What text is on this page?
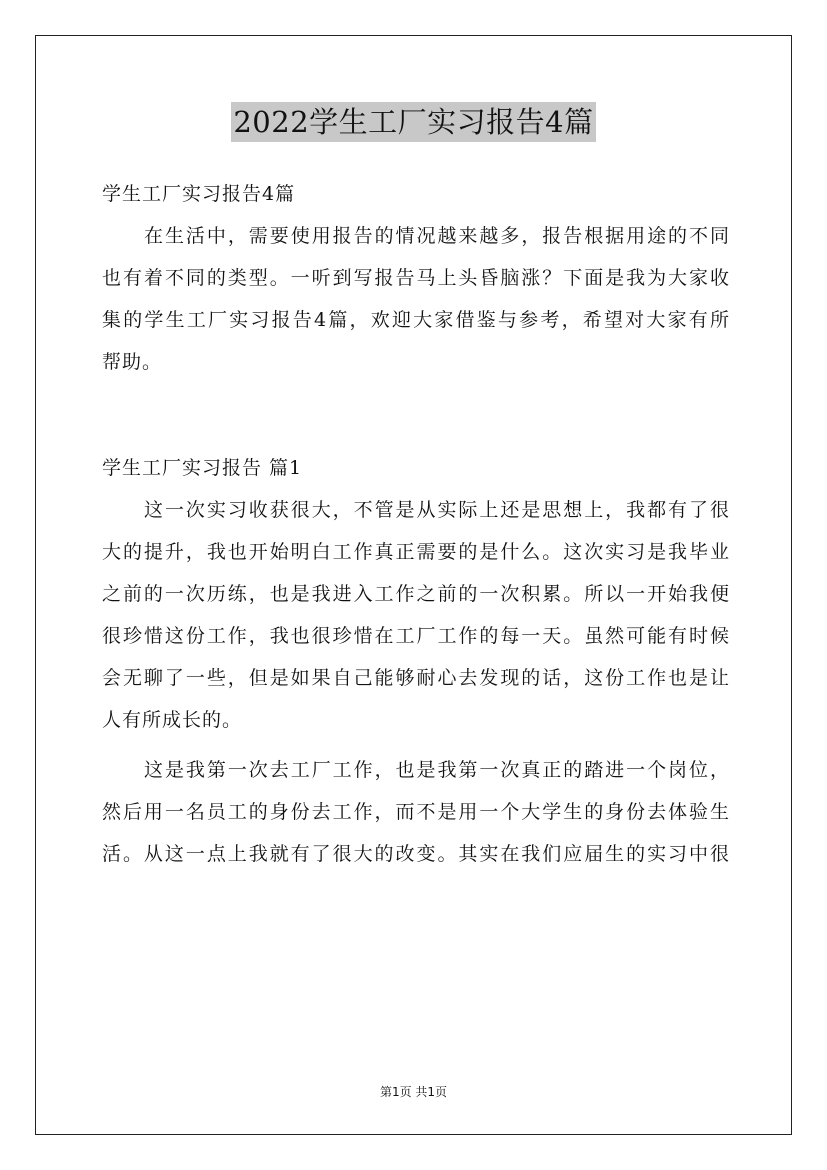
2022学生工厂实习报告4篇
学生工厂实习报告4篇
在生活中，需要使用报告的情况越来越多，报告根据用途的不同
也有着不同的类型。一听到写报告马上头昏脑涨？下面是我为大家收
集的学生工厂实习报告4篇，欢迎大家借鉴与参考，希望对大家有所
帮助。
学生工厂实习报告 篇1
这一次实习收获很大，不管是从实际上还是思想上，我都有了很
大的提升，我也开始明白工作真正需要的是什么。这次实习是我毕业
之前的一次历练，也是我进入工作之前的一次积累。所以一开始我便
很珍惜这份工作，我也很珍惜在工厂工作的每一天。虽然可能有时候
会无聊了一些，但是如果自己能够耐心去发现的话，这份工作也是让
人有所成长的。
这是我第一次去工厂工作，也是我第一次真正的踏进一个岗位，
然后用一名员工的身份去工作，而不是用一个大学生的身份去体验生
活。从这一点上我就有了很大的改变。其实在我们应届生的实习中很
第1页 共1页
